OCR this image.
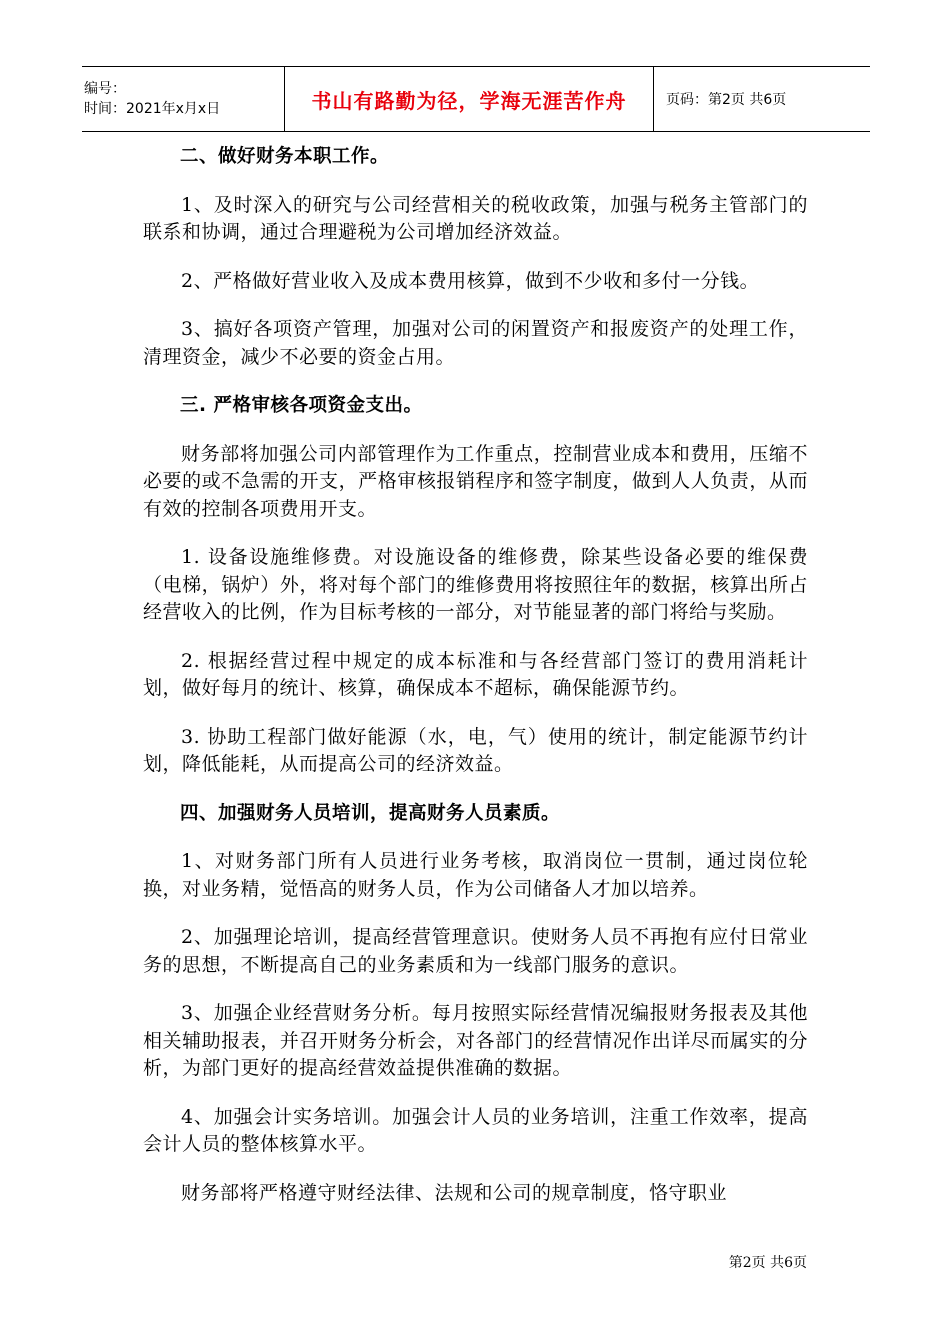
编号：
时间：2021年x月x日	书山有路勤为径，学海无涯苦作舟	页码：第2页 共6页

二、做好财务本职工作。

1、及时深入的研究与公司经营相关的税收政策，加强与税务主管部门的联系和协调，通过合理避税为公司增加经济效益。

2、严格做好营业收入及成本费用核算，做到不少收和多付一分钱。

3、搞好各项资产管理，加强对公司的闲置资产和报废资产的处理工作，清理资金，减少不必要的资金占用。

三. 严格审核各项资金支出。

财务部将加强公司内部管理作为工作重点，控制营业成本和费用，压缩不必要的或不急需的开支，严格审核报销程序和签字制度，做到人人负责，从而有效的控制各项费用开支。

1. 设备设施维修费。对设施设备的维修费，除某些设备必要的维保费（电梯，锅炉）外，将对每个部门的维修费用将按照往年的数据，核算出所占经营收入的比例，作为目标考核的一部分，对节能显著的部门将给与奖励。

2. 根据经营过程中规定的成本标准和与各经营部门签订的费用消耗计划，做好每月的统计、核算，确保成本不超标，确保能源节约。

3. 协助工程部门做好能源（水，电，气）使用的统计，制定能源节约计划，降低能耗，从而提高公司的经济效益。

四、加强财务人员培训，提高财务人员素质。

1、对财务部门所有人员进行业务考核，取消岗位一贯制，通过岗位轮换，对业务精，觉悟高的财务人员，作为公司储备人才加以培养。

2、加强理论培训，提高经营管理意识。使财务人员不再抱有应付日常业务的思想，不断提高自己的业务素质和为一线部门服务的意识。

3、加强企业经营财务分析。每月按照实际经营情况编报财务报表及其他相关辅助报表，并召开财务分析会，对各部门的经营情况作出详尽而属实的分析，为部门更好的提高经营效益提供准确的数据。

4、加强会计实务培训。加强会计人员的业务培训，注重工作效率，提高会计人员的整体核算水平。

财务部将严格遵守财经法律、法规和公司的规章制度，恪守职业

第2页 共6页
